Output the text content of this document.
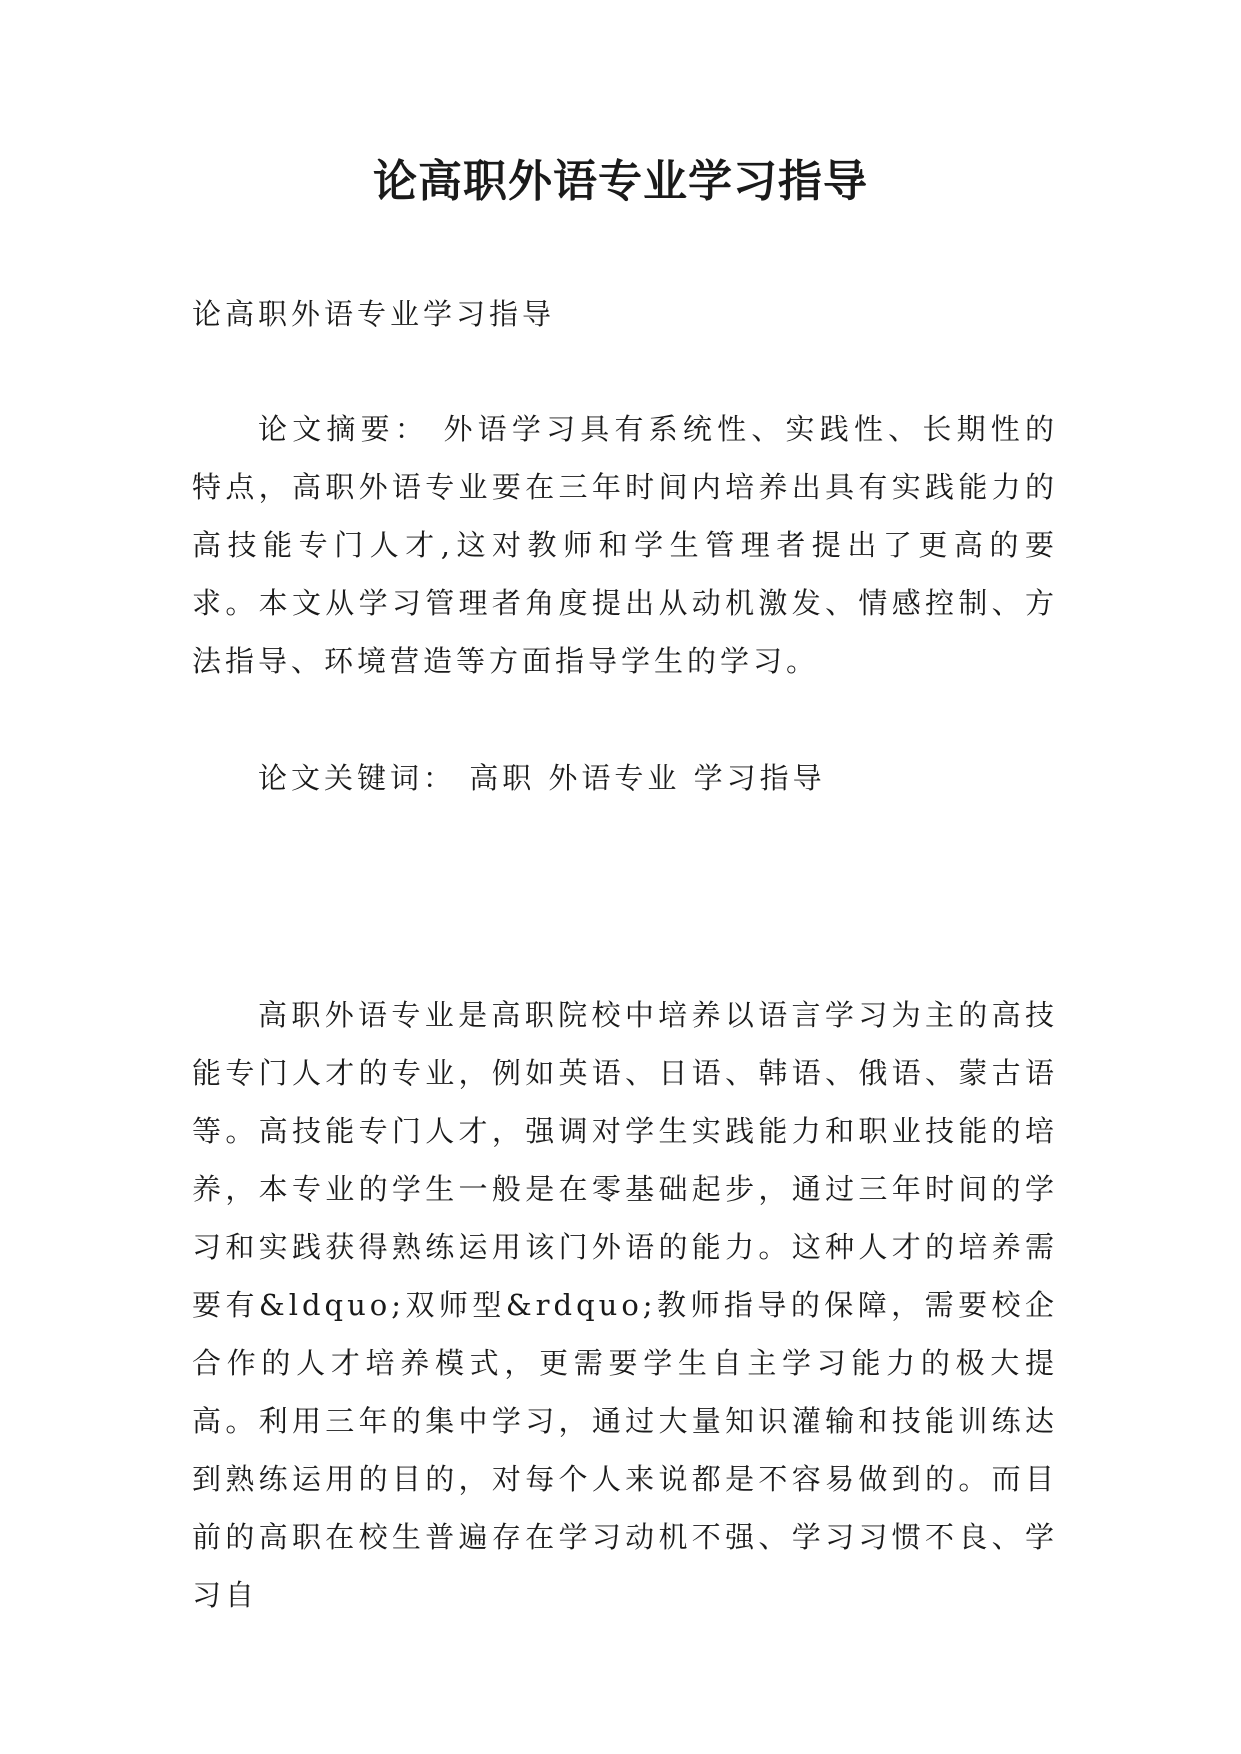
论高职外语专业学习指导

论高职外语专业学习指导

论文摘要： 外语学习具有系统性、实践性、长期性的特点，高职外语专业要在三年时间内培养出具有实践能力的高技能专门人才,这对教师和学生管理者提出了更高的要求。本文从学习管理者角度提出从动机激发、情感控制、方法指导、环境营造等方面指导学生的学习。

论文关键词： 高职 外语专业 学习指导

高职外语专业是高职院校中培养以语言学习为主的高技能专门人才的专业，例如英语、日语、韩语、俄语、蒙古语等。高技能专门人才，强调对学生实践能力和职业技能的培养，本专业的学生一般是在零基础起步，通过三年时间的学习和实践获得熟练运用该门外语的能力。这种人才的培养需要有&ldquo;双师型&rdquo;教师指导的保障，需要校企合作的人才培养模式，更需要学生自主学习能力的极大提高。利用三年的集中学习，通过大量知识灌输和技能训练达到熟练运用的目的，对每个人来说都是不容易做到的。而目前的高职在校生普遍存在学习动机不强、学习习惯不良、学习自
